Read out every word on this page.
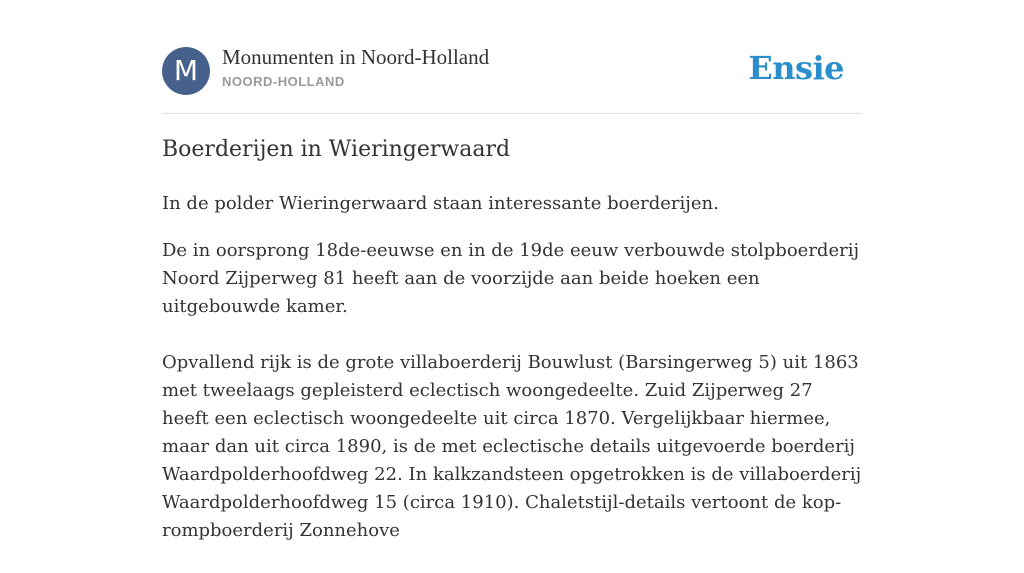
M	Monumenten in Noord-Holland
NOORD-HOLLAND	Ensie
Boerderijen in Wieringerwaard

In de polder Wieringerwaard staan interessante boerderijen.

De in oorsprong 18de-eeuwse en in de 19de eeuw verbouwde stolpboerderij Noord Zijperweg 81 heeft aan de voorzijde aan beide hoeken een uitgebouwde kamer.

Opvallend rijk is de grote villaboerderij Bouwlust (Barsingerweg 5) uit 1863 met tweelaags gepleisterd eclectisch woongedeelte. Zuid Zijperweg 27 heeft een eclectisch woongedeelte uit circa 1870. Vergelijkbaar hiermee, maar dan uit circa 1890, is de met eclectische details uitgevoerde boerderij Waardpolderhoofdweg 22. In kalkzandsteen opgetrokken is de villaboerderij Waardpolderhoofdweg 15 (circa 1910). Chaletstijl-details vertoont de kop-rompboerderij Zonnehove
